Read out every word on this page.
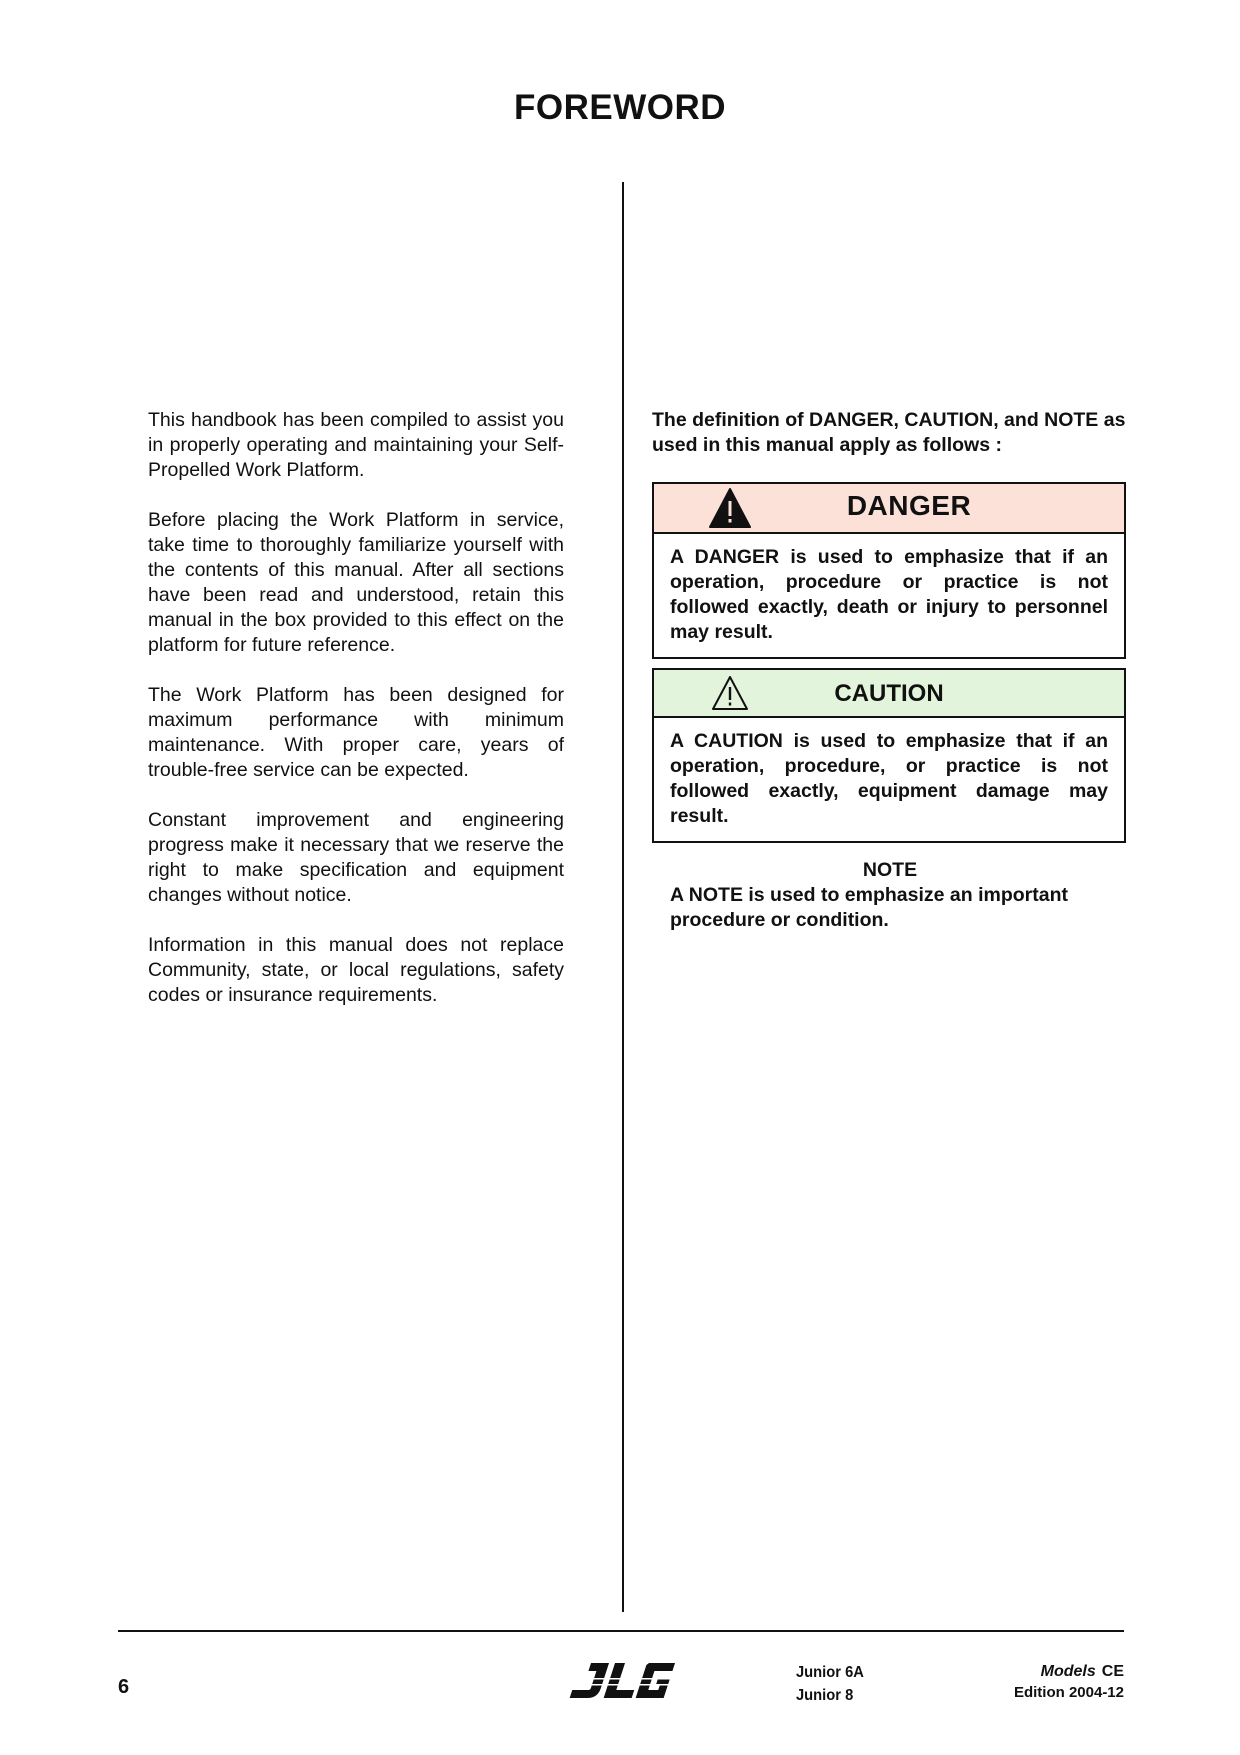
FOREWORD

This handbook has been compiled to assist you in properly operating and maintaining your Self-Propelled Work Platform.

Before placing the Work Platform in service, take time to thoroughly familiarize yourself with the contents of this manual. After all sections have been read and understood, retain this manual in the box provided to this effect on the platform for future reference.

The Work Platform has been designed for maximum performance with minimum maintenance. With proper care, years of trouble-free service can be expected.

Constant improvement and engineering progress make it necessary that we reserve the right to make specification and equipment changes without notice.

Information in this manual does not replace Community, state, or local regulations, safety codes or insurance requirements.

The definition of DANGER, CAUTION, and NOTE as used in this manual apply as follows :

DANGER
A DANGER is used to emphasize that if an operation, procedure or practice is not followed exactly, death or injury to personnel may result.
CAUTION
A CAUTION is used to emphasize that if an operation, procedure, or practice is not followed exactly, equipment damage may result.
NOTE
A NOTE is used to emphasize an important procedure or condition.
6
Junior 6A
Junior 8
Models CE
Edition 2004-12
